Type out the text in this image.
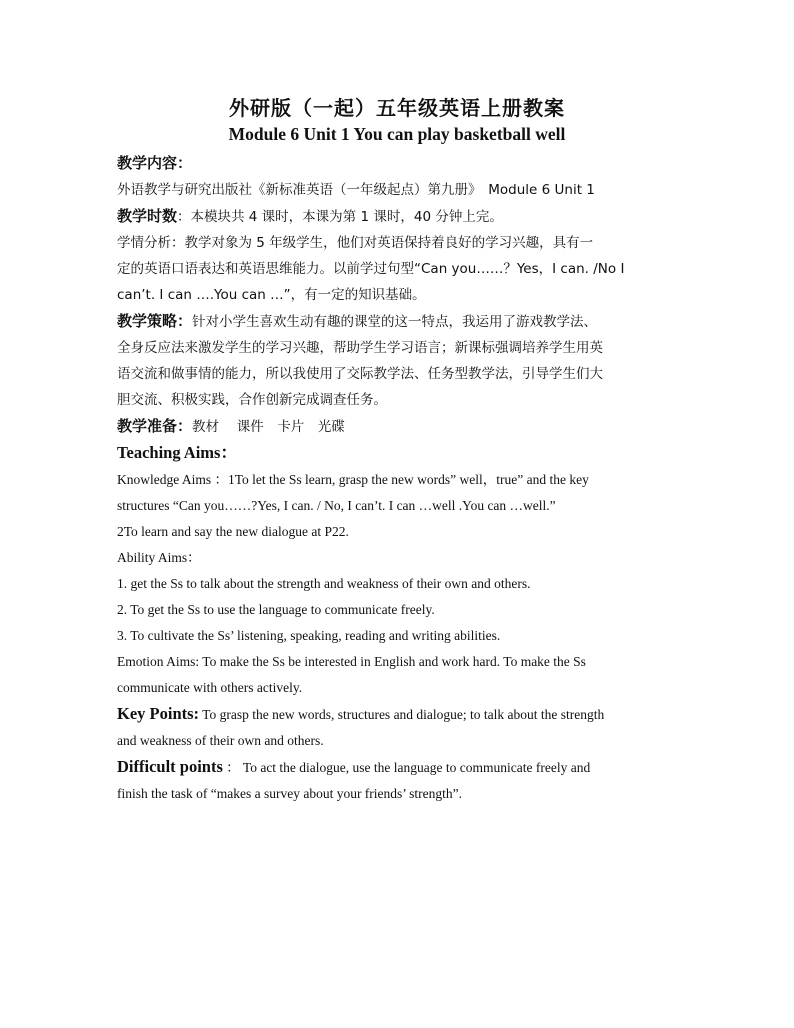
外研版（一起）五年级英语上册教案
Module 6 Unit 1 You can play basketball well
教学内容：
外语教学与研究出版社《新标准英语（一年级起点）第九册》　Module 6 Unit 1
教学时数：本模块共 4 课时，本课为第 1 课时，40 分钟上完。
学情分析：教学对象为 5 年级学生，他们对英语保持着良好的学习兴趣，具有一
定的英语口语表达和英语思维能力。以前学过句型“Can you……？Yes，I can. /No I
can’t. I can ….You can …”，有一定的知识基础。
教学策略：针对小学生喜欢生动有趣的课堂的这一特点，我运用了游戏教学法、
全身反应法来激发学生的学习兴趣，帮助学生学习语言；新课标强调培养学生用英
语交流和做事情的能力，所以我使用了交际教学法、任务型教学法，引导学生们大
胆交流、积极实践，合作创新完成调查任务。
教学准备：教材　 课件　卡片　光碟
Teaching Aims：
Knowledge Aims ：1To let the Ss learn, grasp the new words” well，true” and the key
structures “Can you……?Yes, I can. / No, I can’t. I can …well .You can …well.”
2To learn and say the new dialogue at P22.
Ability Aims：
1. get the Ss to talk about the strength and weakness of their own and others.
2. To get the Ss to use the language to communicate freely.
3. To cultivate the Ss’ listening, speaking, reading and writing abilities.
Emotion Aims: To make the Ss be interested in English and work hard. To make the Ss
communicate with others actively.
Key Points: To grasp the new words, structures and dialogue; to talk about the strength
and weakness of their own and others.
Difficult points ： To act the dialogue, use the language to communicate freely and
finish the task of “makes a survey about your friends’ strength”.
